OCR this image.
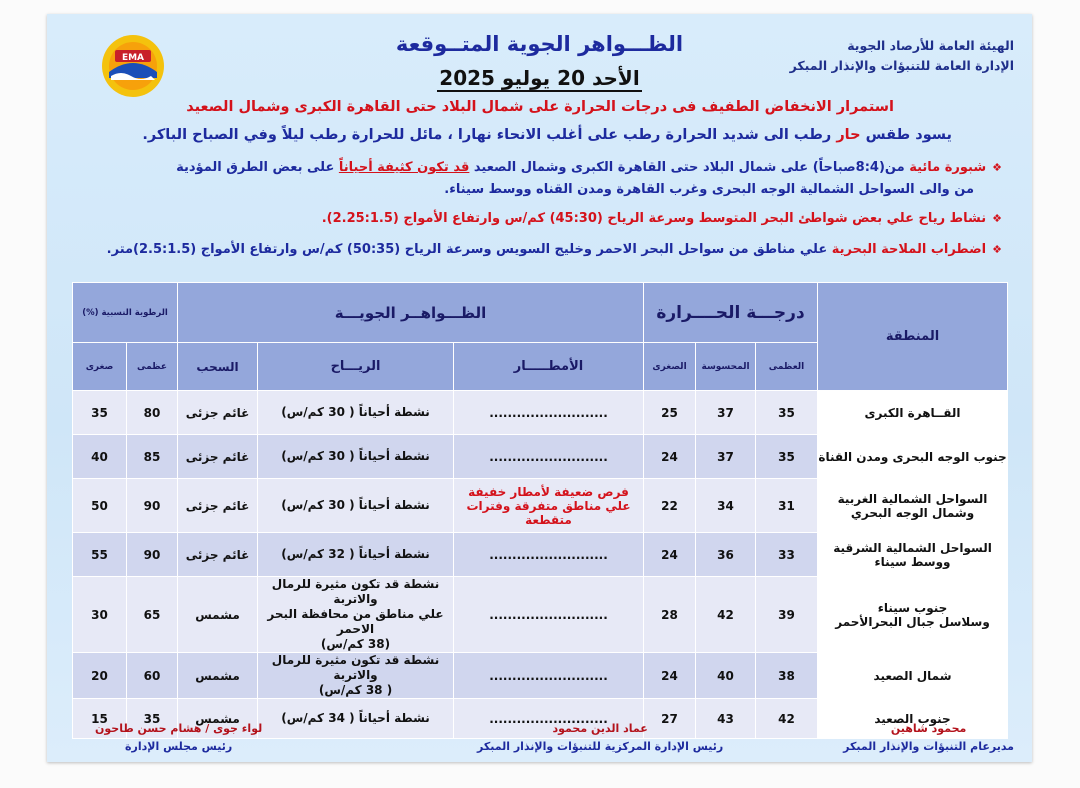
EMA
الهيئة العامة للأرصاد الجوية
الإدارة العامة للتنبؤات والإنذار المبكر
الظـــواهر الجوية المتــوقعة
الأحد 20 يوليو 2025
استمرار الانخفاض الطفيف فى درجات الحرارة على شمال البلاد حتى القاهرة الكبرى وشمال الصعيد
يسود طقس حار رطب الى شديد الحرارة رطب على أغلب الانحاء نهارا ، مائل للحرارة رطب ليلاً وفي الصباح الباكر.
❖شبورة مائية من(8:4صباحاً) على شمال البلاد حتى القاهرة الكبرى وشمال الصعيد قد تكون كثيفة أحياناً على بعض الطرق المؤدية
من والى السواحل الشمالية الوجه البحرى وغرب القاهرة ومدن القناه ووسط سيناء.
❖نشاط رياح علي بعض شواطئ البحر المتوسط وسرعة الرياح (45:30) كم/س وارتفاع الأمواج (2.25:1.5).
❖اضطراب الملاحة البحرية علي مناطق من سواحل البحر الاحمر وخليج السويس وسرعة الرياح (50:35) كم/س وارتفاع الأمواج (2.5:1.5)متر.
المنطقة	درجـــة الحــــرارة			الظـــواهــر الجويـــة			الرطوبة النسبية (%)	
	العظمى	المحسوسة	الصغرى	الأمطـــــار	الريـــاح	السحب	عظمى	صغرى
القــاهرة الكبرى	35	37	25	..........................	نشطة أحياناً ( 30 كم/س)	غائم جزئى	80	35
جنوب الوجه البحرى ومدن القناة	35	37	24	..........................	نشطة أحياناً ( 30 كم/س)	غائم جزئى	85	40
السواحل الشمالية الغربية
وشمال الوجه البحري	31	34	22	فرص ضعيفة لأمطار خفيفة
علي مناطق متفرقة وفترات متقطعة	نشطة أحياناً ( 30 كم/س)	غائم جزئى	90	50
السواحل الشمالية الشرقية
ووسط سيناء	33	36	24	..........................	نشطة أحياناً ( 32 كم/س)	غائم جزئى	90	55
جنوب سيناء
وسلاسل جبال البحرالأحمر	39	42	28	..........................	نشطة قد تكون مثيرة للرمال والاتربة
علي مناطق من محافظة البحر الاحمر
(38 كم/س)	مشمس	65	30
شمال الصعيد	38	40	24	..........................	نشطة قد تكون مثيرة للرمال والاتربة
( 38 كم/س)	مشمس	60	20
جنوب الصعيد	42	43	27	..........................	نشطة أحياناً ( 34 كم/س)	مشمس	35	15
محمود شاهين
مديرعام التنبؤات والإنذار المبكر
عماد الدين محمود
رئيس الإدارة المركزية للتنبؤات والإنذار المبكر
لواء جوى / هشام حسن طاحون
رئيس مجلس الإدارة
